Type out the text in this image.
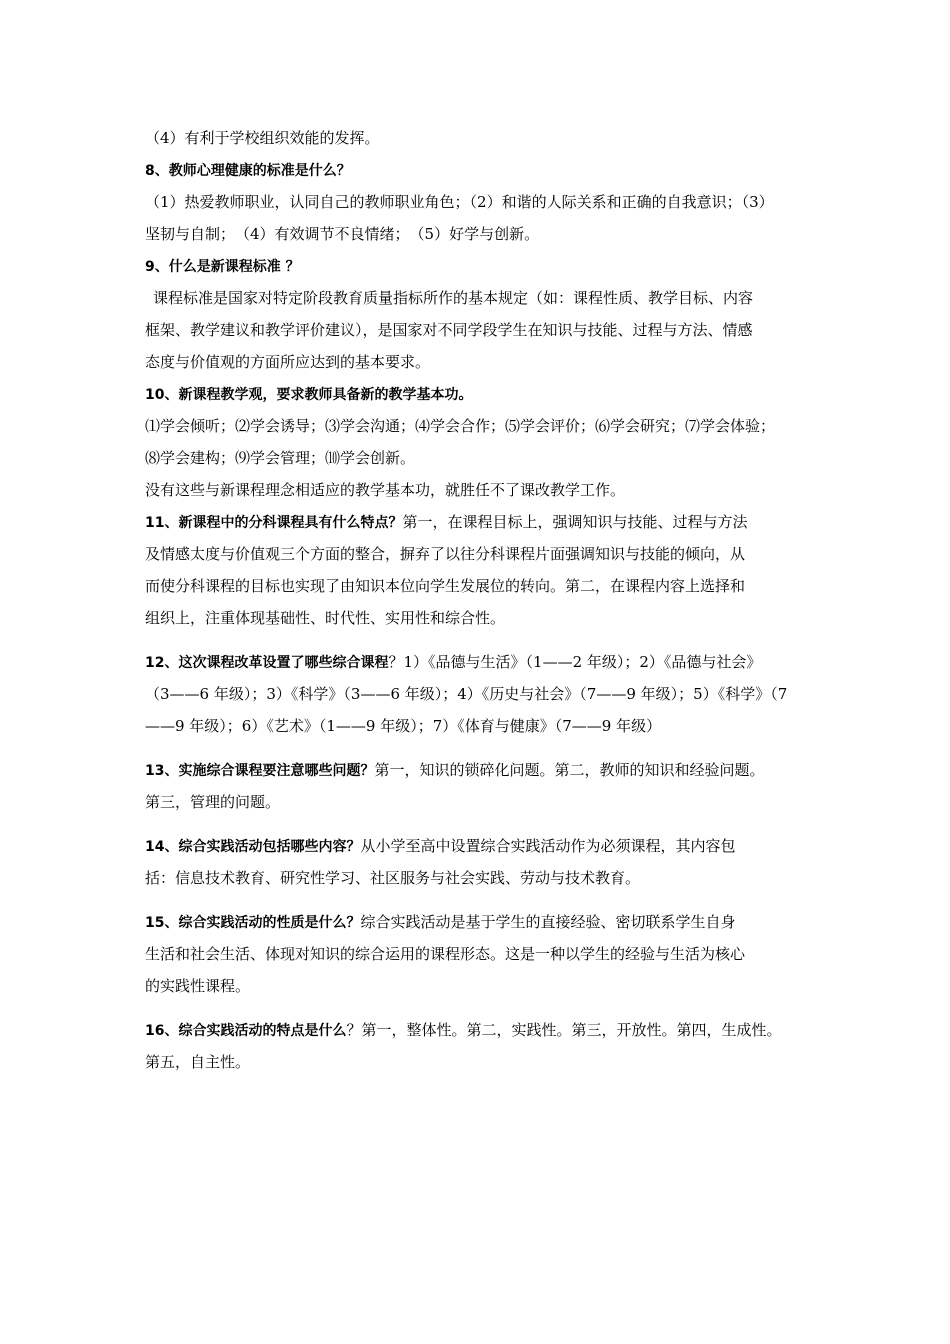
（4）有利于学校组织效能的发挥。
8、教师心理健康的标准是什么？
（1）热爱教师职业，认同自己的教师职业角色；（2）和谐的人际关系和正确的自我意识；（3）
坚韧与自制；　（4）有效调节不良情绪；　（5）好学与创新。
9、什么是新课程标准 ？
课程标准是国家对特定阶段教育质量指标所作的基本规定（如：课程性质、教学目标、内容
框架、教学建议和教学评价建议），是国家对不同学段学生在知识与技能、过程与方法、情感
态度与价值观的方面所应达到的基本要求。
10、新课程教学观，要求教师具备新的教学基本功。
⑴学会倾听；⑵学会诱导；⑶学会沟通；⑷学会合作；⑸学会评价；⑹学会研究；⑺学会体验；
⑻学会建构；⑼学会管理；⑽学会创新。
没有这些与新课程理念相适应的教学基本功，就胜任不了课改教学工作。
11、新课程中的分科课程具有什么特点？第一，在课程目标上，强调知识与技能、过程与方法
及情感太度与价值观三个方面的整合，摒弃了以往分科课程片面强调知识与技能的倾向，从
而使分科课程的目标也实现了由知识本位向学生发展位的转向。第二，在课程内容上选择和
组织上，注重体现基础性、时代性、实用性和综合性。
12、这次课程改革设置了哪些综合课程？1）《品德与生活》（1——2 年级）；2）《品德与社会》
（3——6 年级）；3）《科学》（3——6 年级）；4）《历史与社会》（7——9 年级）；5）《科学》（7
——9 年级）；6）《艺术》（1——9 年级）；7）《体育与健康》（7——9 年级）
13、实施综合课程要注意哪些问题？第一，知识的锁碎化问题。第二，教师的知识和经验问题。
第三，管理的问题。
14、综合实践活动包括哪些内容？从小学至高中设置综合实践活动作为必须课程，其内容包
括：信息技术教育、研究性学习、社区服务与社会实践、劳动与技术教育。
15、综合实践活动的性质是什么？综合实践活动是基于学生的直接经验、密切联系学生自身
生活和社会生活、体现对知识的综合运用的课程形态。这是一种以学生的经验与生活为核心
的实践性课程。
16、综合实践活动的特点是什么？第一，整体性。第二，实践性。第三，开放性。第四，生成性。
第五，自主性。
